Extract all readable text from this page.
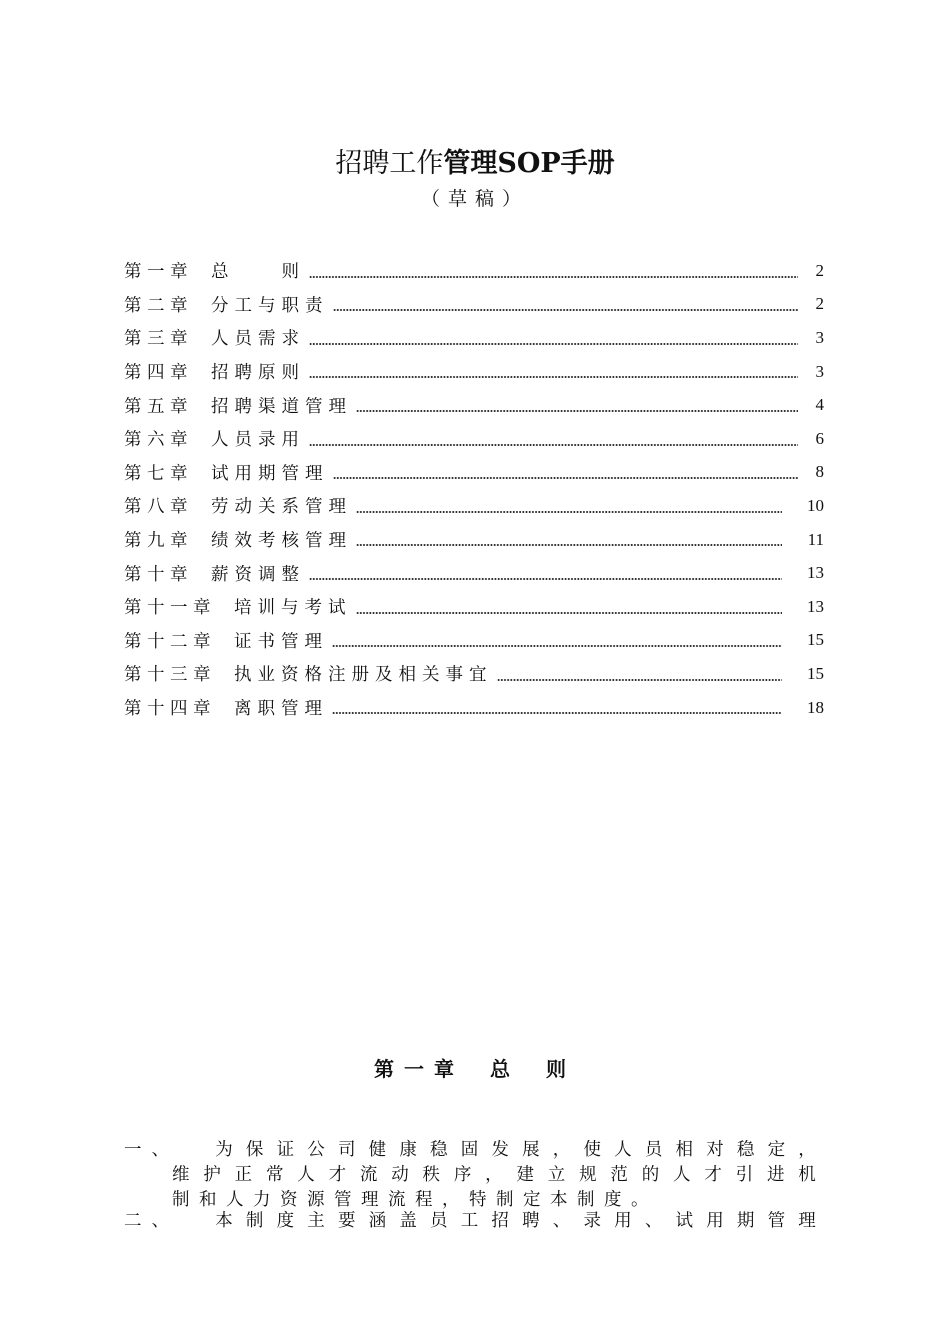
招聘工作管理SOP手册
（草稿）
第一章	总　　则	2
第二章	分工与职责	2
第三章	人员需求	3
第四章	招聘原则	3
第五章	招聘渠道管理	4
第六章	人员录用	6
第七章	试用期管理	8
第八章	劳动关系管理	10
第九章	绩效考核管理	11
第十章	薪资调整	13
第十一章	培训与考试	13
第十二章	证书管理	15
第十三章	执业资格注册及相关事宜	15
第十四章	离职管理	18
第一章 总 则
一、	为 保 证 公 司 健 康 稳 固 发 展 ， 使 人 员 相 对 稳 定 ，
维 护 正 常 人 才 流 动 秩 序 ， 建 立 规 范 的 人 才 引 进 机
制和人力资源管理流程，特制定本制度。
二、	本 制 度 主 要 涵 盖 员 工 招 聘 、 录 用 、 试 用 期 管 理
